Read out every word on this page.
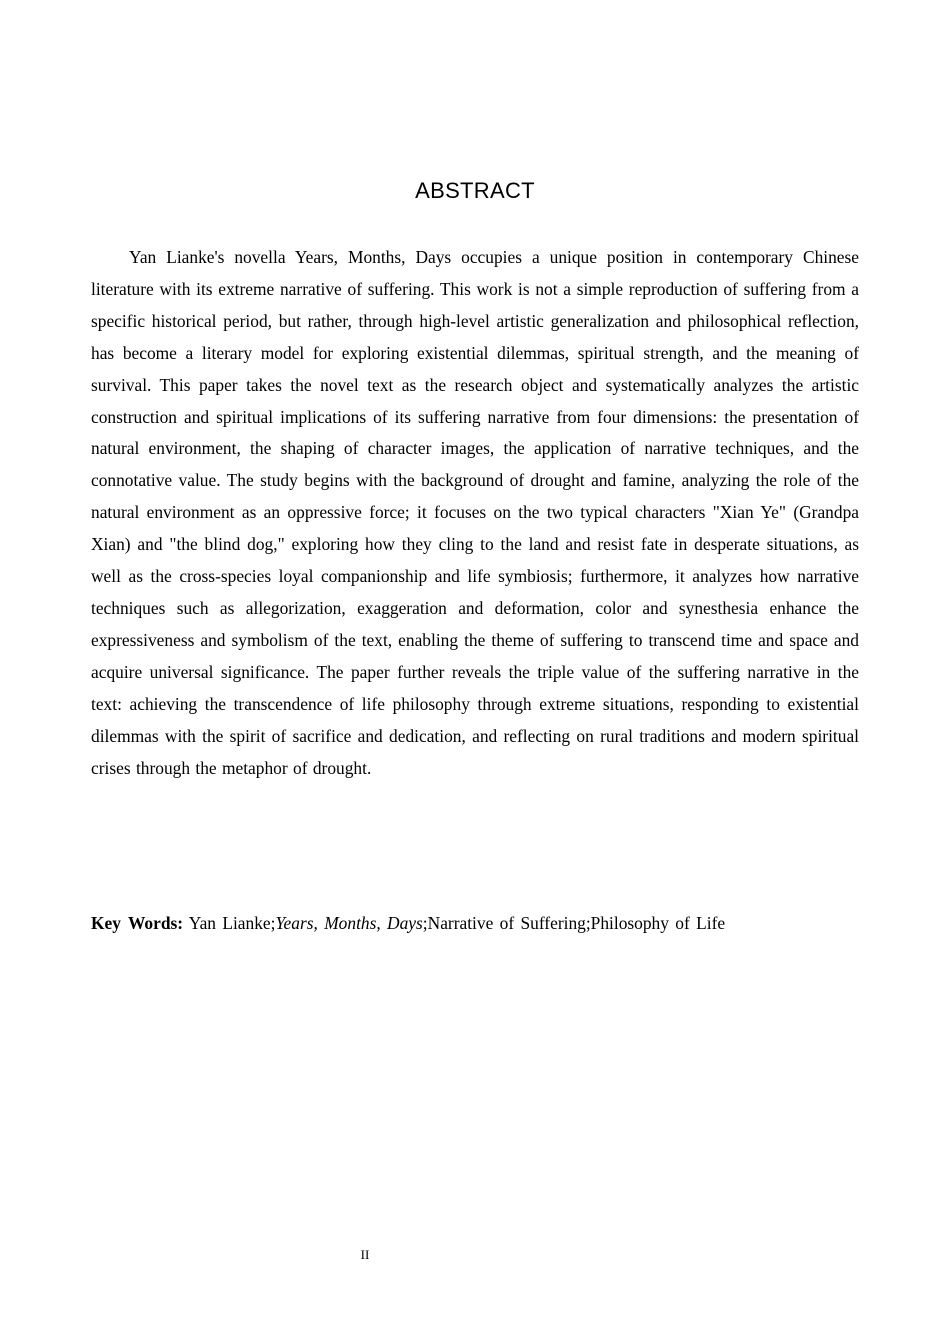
ABSTRACT

Yan Lianke's novella Years, Months, Days occupies a unique position in contemporary Chinese literature with its extreme narrative of suffering. This work is not a simple reproduction of suffering from a specific historical period, but rather, through high-level artistic generalization and philosophical reflection, has become a literary model for exploring existential dilemmas, spiritual strength, and the meaning of survival. This paper takes the novel text as the research object and systematically analyzes the artistic construction and spiritual implications of its suffering narrative from four dimensions: the presentation of natural environment, the shaping of character images, the application of narrative techniques, and the connotative value. The study begins with the background of drought and famine, analyzing the role of the natural environment as an oppressive force; it focuses on the two typical characters "Xian Ye" (Grandpa Xian) and "the blind dog," exploring how they cling to the land and resist fate in desperate situations, as well as the cross-species loyal companionship and life symbiosis; furthermore, it analyzes how narrative techniques such as allegorization, exaggeration and deformation, color and synesthesia enhance the expressiveness and symbolism of the text, enabling the theme of suffering to transcend time and space and acquire universal significance. The paper further reveals the triple value of the suffering narrative in the text: achieving the transcendence of life philosophy through extreme situations, responding to existential dilemmas with the spirit of sacrifice and dedication, and reflecting on rural traditions and modern spiritual crises through the metaphor of drought.

Key Words: Yan Lianke;Years, Months, Days;Narrative of Suffering;Philosophy of Life
II
